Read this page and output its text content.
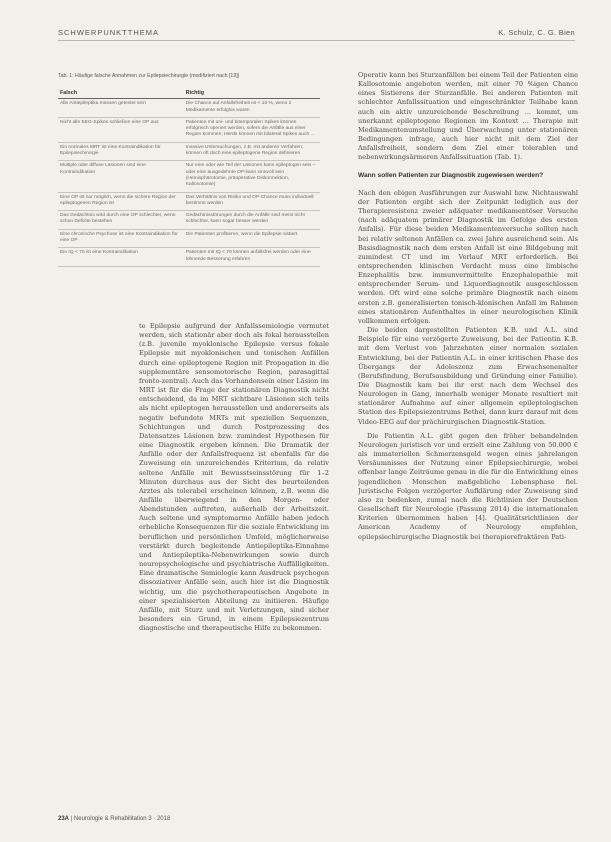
SCHWERPUNKTTHEMA	K. Schulz, C. G. Bien
Tab. 1: Häufige falsche Annahmen zur Epilepsiechirurgie (modifiziert nach [19])
Falsch	Richtig
Alle Antiepileptika müssen getestet sein	Die Chance auf Anfallsfreiheit ist < 10 %, wenn 2 Medikamente erfolglos waren
Nicht alle EEG-Spikes schließen eine OP aus	Patienten mit uni- und bitemporalen Spikes können erfolgreich operiert werden, sofern die Anfälle aus einer Region kommen; Herde können mit bilateral Spikes auch ...
Ein normales MRT ist eine Kontraindikation für Epilepsiechirurgie	Invasive Untersuchungen, z.B. mit anderen Verfahren, können oft doch eine epileptogene Region definieren
Multiple oder diffuse Läsionen sind eine Kontraindikation	Nur eine oder wie Teil der Läsionen kann epileptogen sein – oder eine ausgedehnte OP kann sinnvoll sein (Hemisphärotomie, präoperative Diskonnektion, Kallosotomie)
Eine OP ist nur möglich, wenn die sichere Region der epileptogenen Region ist	Das Verhältnis von Risiko und OP-Chance muss individuell bestimmt werden
Das Gedächtnis wird durch eine OP schlechter, wenn schon Defizite bestehen	Gedächtnisstörungen durch die Anfälle sind meist nicht schlechter, kann sogar besser werden
Eine chronische Psychose ist eine Kontraindikation für eine OP	Die Patienten profitieren, wenn die Epilepsie sistiert
Ein IQ < 70 ist eine Kontraindikation	Patienten mit IQ < 70 können anfallsfrei werden oder eine lohnende Besserung erfahren

te Epilepsie aufgrund der Anfallssemiologie vermutet werden, sich stationär aber doch als fokal herausstellen (z.B. juvenile myoklonische Epilepsie versus fokale Epilepsie mit myoklonischen und tonischen Anfällen durch eine epileptogene Region mit Propagation in die supplementäre sensomotorische Region, parasagittal fronto-zentral). Auch das Vorhandensein einer Läsion im MRT ist für die Frage der stationären Diagnostik nicht entscheidend, da im MRT sichtbare Läsionen sich teils als nicht epileptogen herausstellen und andererseits als negativ befundete MRTs mit speziellen Sequenzen, Schichtungen und durch Postprozessing des Datensatzes Läsionen bzw. zumindest Hypothesen für eine Diagnostik ergeben können. Die Dramatik der Anfälle oder der Anfallsfrequenz ist ebenfalls für die Zuweisung ein unzureichendes Kriterium, da relativ seltene Anfälle mit Bewusstseinsstörung für 1–2 Minuten durchaus aus der Sicht des beurteilenden Arztes als tolerabel erscheinen können, z.B. wenn die Anfälle überwiegend in den Morgen- oder Abendstunden auftreten, außerhalb der Arbeitszeit. Auch seltene und symptomarme Anfälle haben jedoch erhebliche Konsequenzen für die soziale Entwicklung im beruflichen und persönlichen Umfeld, möglicherweise verstärkt durch begleitende Antiepileptika-Einnahme und Antiepileptika-Nebenwirkungen sowie durch neuropsychologische und psychiatrische Auffälligkeiten. Eine dramatische Semiologie kann Ausdruck psychogen dissoziativer Anfälle sein, auch hier ist die Diagnostik wichtig, um die psychotherapeutischen Angebote in einer spezialisierten Abteilung zu initiieren. Häufige Anfälle, mit Sturz und mit Verletzungen, sind sicher besonders ein Grund, in einem Epilepsiezentrum diagnostische und therapeutische Hilfe zu bekommen.

Operativ kann bei Sturzanfällen bei einem Teil der Patienten eine Kallosotomie angeboten werden, mit einer 70 %igen Chance eines Sistierens der Sturzanfälle. Bei anderen Patienten mit schlechter Anfallssituation und eingeschränkter Teilhabe kann auch ein aktiv unzureichende Beschreibung ... kommt, um unerkannt epileptogene Regionen im Kontext ... Therapie mit Medikamentenumstellung und Überwachung unter stationären Bedingungen infrage, auch hier nicht mit dem Ziel der Anfallsfreiheit, sondern dem Ziel einer tolerablen und nebenwirkungsärmeren Anfallssituation (Tab. 1).

Wann sollen Patienten zur Diagnostik zugewiesen werden?

Nach den obigen Ausführungen zur Auswahl bzw. Nichtauswahl der Patienten ergibt sich der Zeitpunkt lediglich aus der Therapieresistenz zweier adäquater medikamentöser Versuche (nach adäquatem primärer Diagnostik im Gefolge des ersten Anfalls). Für diese beiden Medikamentenversuche sollten nach bei relativ seltenen Anfällen ca. zwei Jahre ausreichend sein. Als Basisdiagnostik nach dem ersten Anfall ist eine Bildgebung mit zumindest CT und im Verlauf MRT erforderlich. Bei entsprechenden klinischen Verdacht muss eine limbische Enzephalitis bzw. immunvermittelte Enzephalopathie mit entsprechender Serum- und Liquordiagnostik ausgeschlossen werden. Oft wird eine solche primäre Diagnostik nach einem ersten z.B. generalisierten tonisch-klonischen Anfall im Rahmen eines stationären Aufenthaltes in einer neurologischen Klinik vollkommen erfolgen.

Die beiden dargestellten Patienten K.B. und A.L. sind Beispiele für eine verzögerte Zuweisung, bei der Patientin K.B. mit dem Verlust von Jahrzehnten einer normalen sozialen Entwicklung, bei der Patientin A.L. in einer kritischen Phase des Übergangs der Adoleszenz zum Erwachsenenalter (Berufsfindung, Berufsausbildung und Gründung einer Familie). Die Diagnostik kam bei ihr erst nach dem Wechsel des Neurologen in Gang, innerhalb weniger Monate resultiert mit stationärer Aufnahme auf einer allgemein epileptologischen Station des Epilepsiezentrums Bethel, dann kurz darauf mit dem Video-EEG auf der prächirurgischen Diagnostik-Station.

Die Patientin A.L. gibt gegen den früher behandelnden Neurologen juristisch vor und erzielt eine Zahlung von 50.000 € als immateriellen Schmerzensgeld wegen eines jahrelangen Versäumnisses der Nutzung einer Epilepsiechirurgie, wobei offenbar lange Zeiträume genau in die für die Entwicklung eines jugendlichen Menschen maßgebliche Lebensphase fiel. Juristische Folgen verzögerter Aufklärung oder Zuweisung sind also zu bedenken, zumal nach die Richtlinien der Deutschen Gesellschaft für Neurologie (Passung 2014) die internationalen Kriterien übernommen haben [4]. Qualitätsrichtlinien der American Academy of Neurology empfehlen, epilepsiechirurgische Diagnostik bei therapierefraktären Pati-

23A | Neurologie & Rehabilitation 3 · 2018
